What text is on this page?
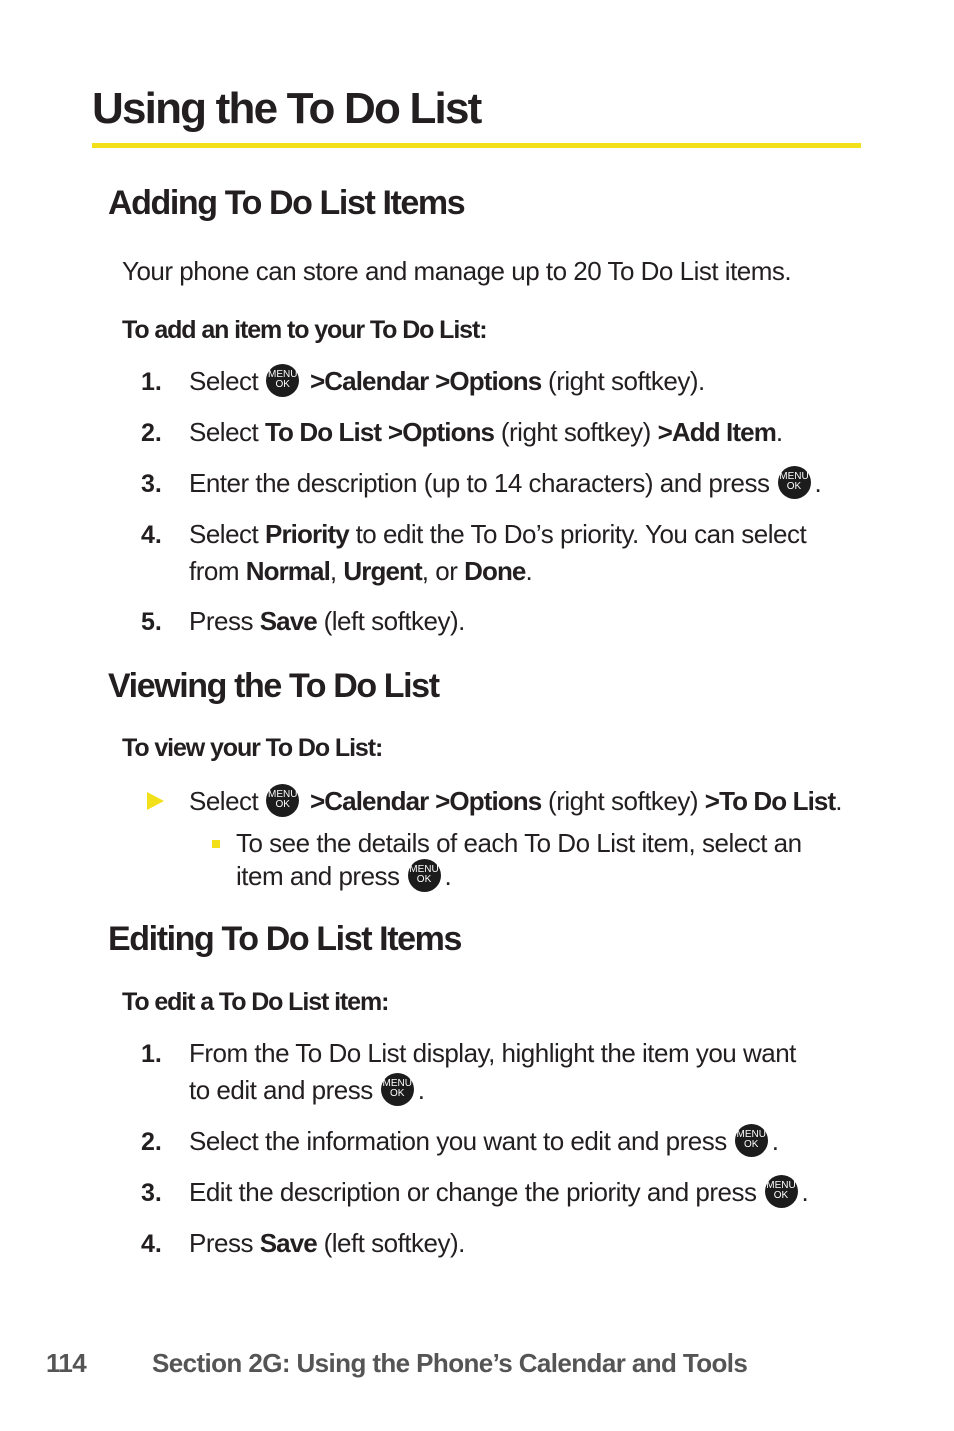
Using the To Do List
Adding To Do List Items
Your phone can store and manage up to 20 To Do List items.
To add an item to your To Do List:
1. Select MENU
OK >Calendar >Options (right softkey).
2. Select To Do List >Options (right softkey) >Add Item.
3. Enter the description (up to 14 characters) and press MENU
OK .
4. Select Priority to edit the To Do’s priority. You can select
from Normal, Urgent, or Done.
5. Press Save (left softkey).
Viewing the To Do List
To view your To Do List:
Select MENU
OK >Calendar >Options (right softkey) >To Do List.
To see the details of each To Do List item, select an
item and press MENU
OK .
Editing To Do List Items
To edit a To Do List item:
1. From the To Do List display, highlight the item you want
to edit and press MENU
OK .
2. Select the information you want to edit and press MENU
OK .
3. Edit the description or change the priority and press MENU
OK .
4. Press Save (left softkey).
114	Section 2G: Using the Phone’s Calendar and Tools
